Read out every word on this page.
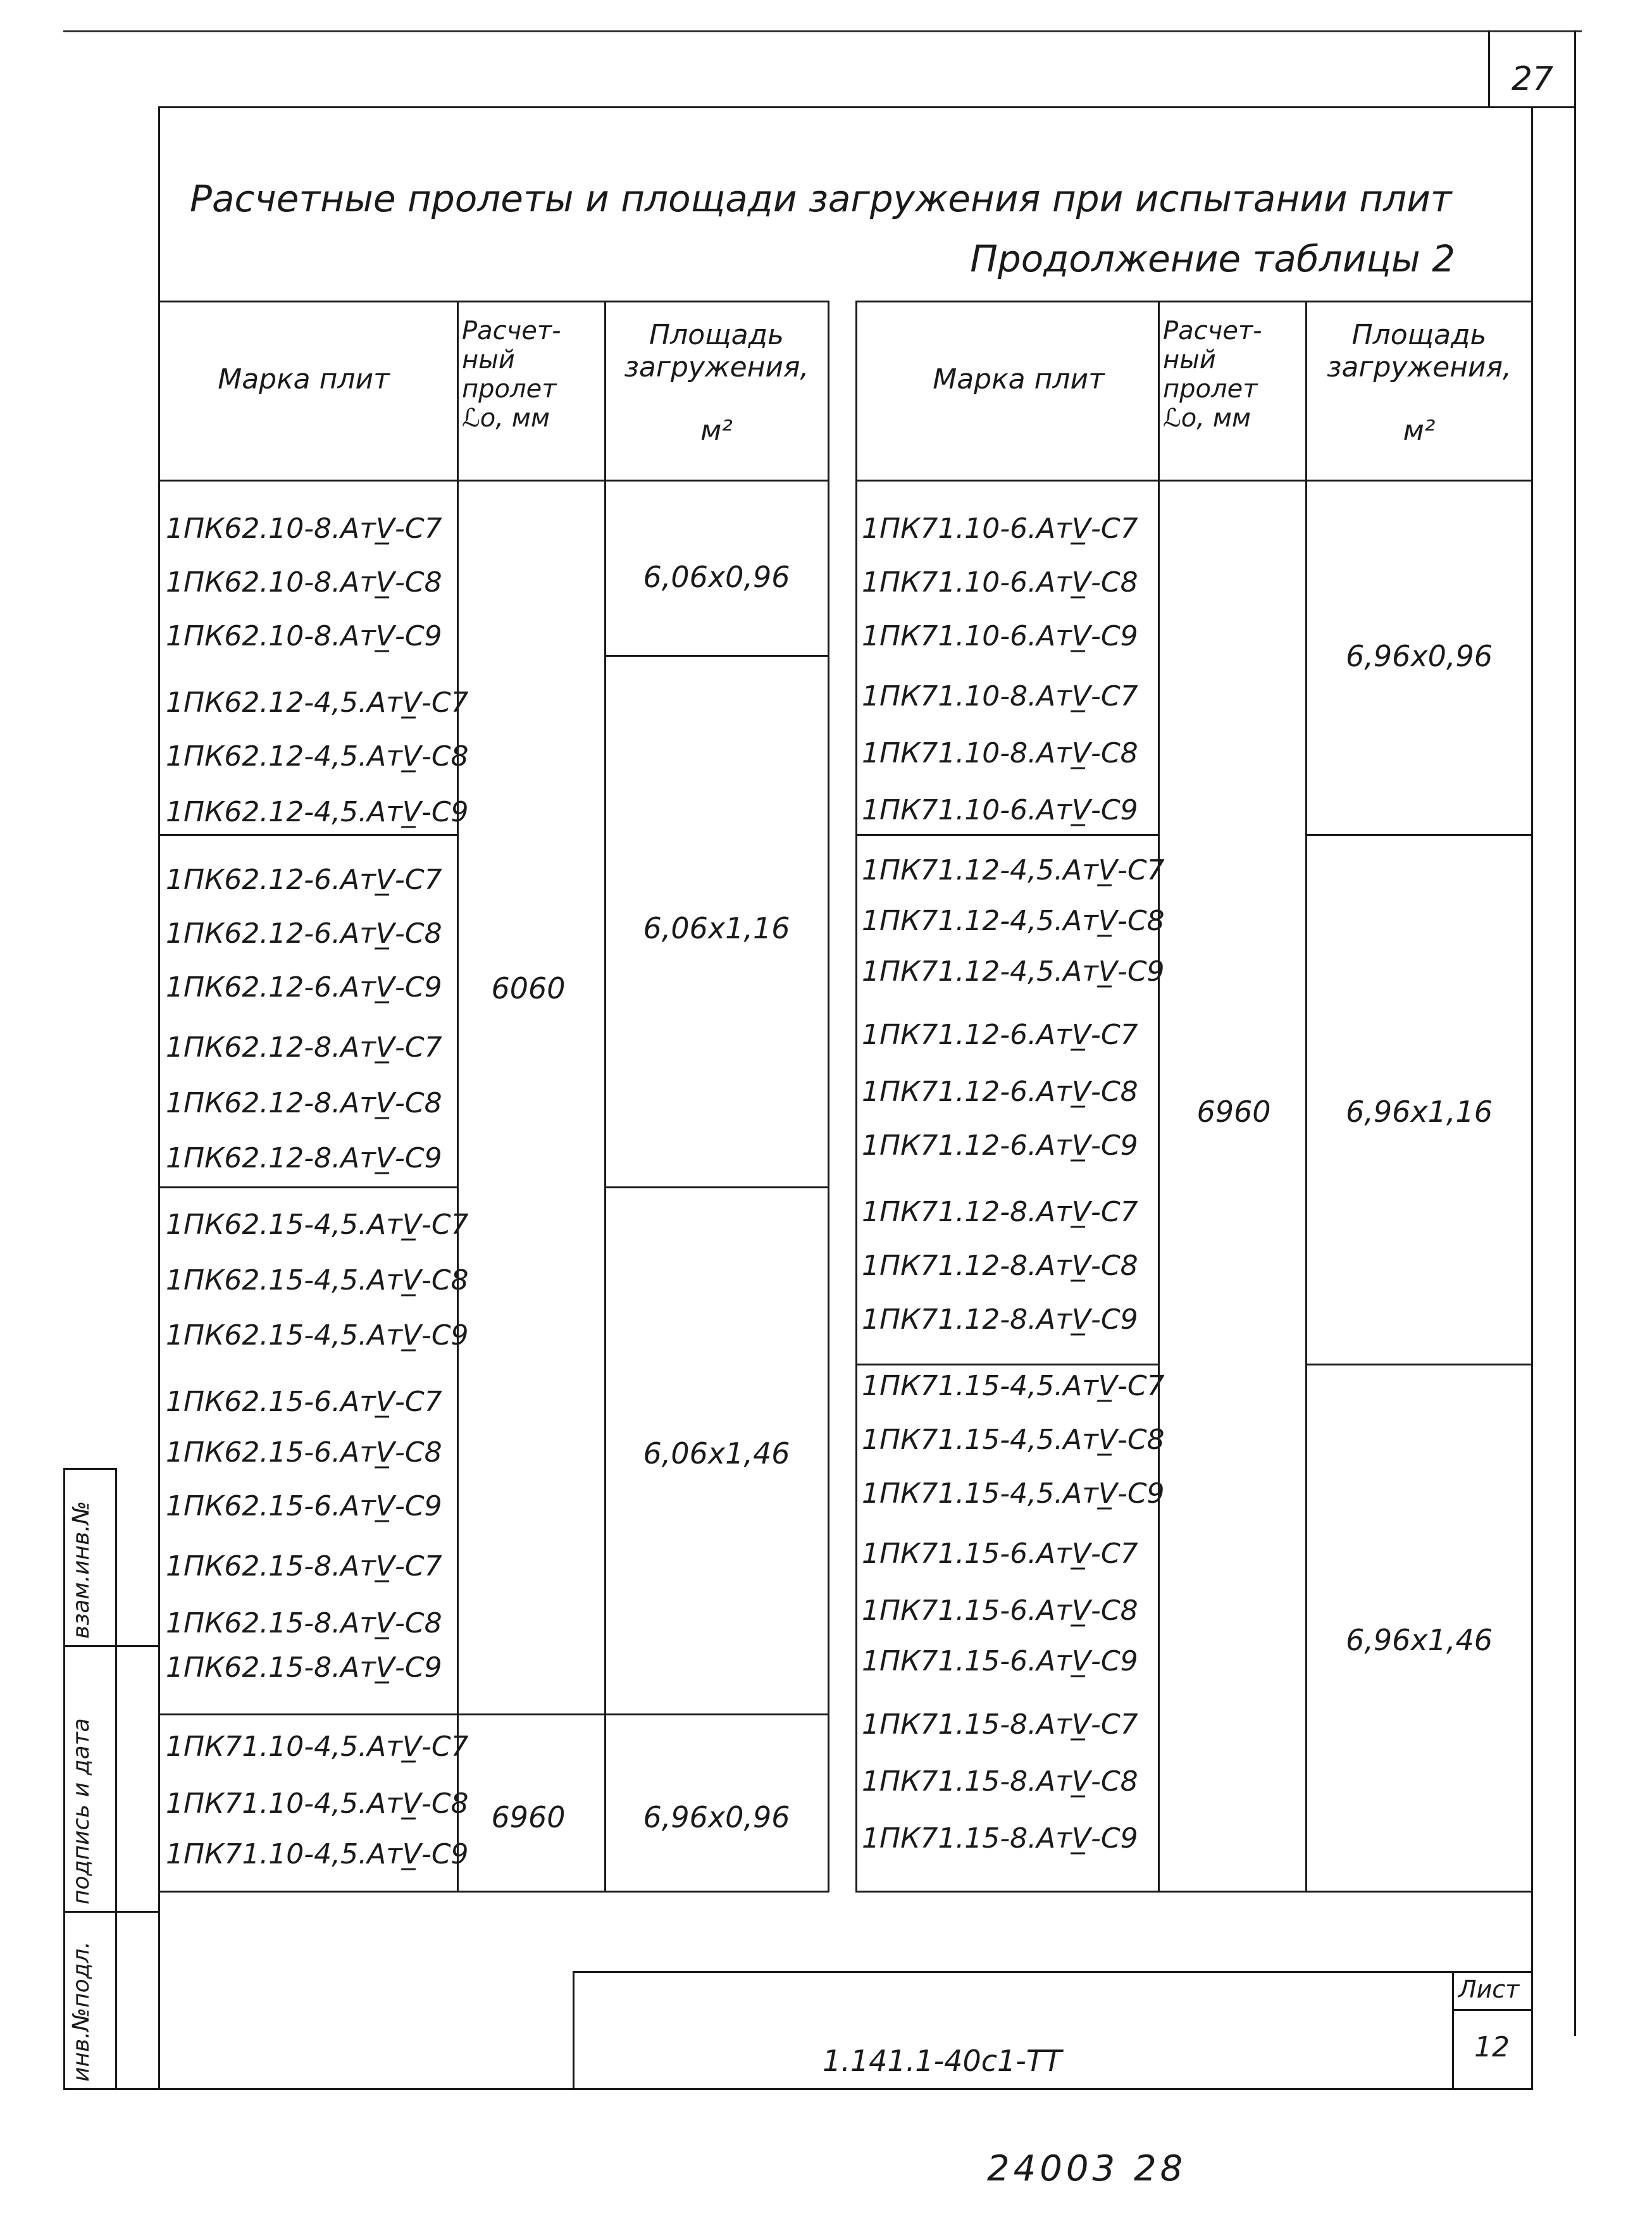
27
Расчетные пролеты и площади загружения при испытании плит
Продолжение таблицы 2
Марка плит
Расчет-
ный
пролет
ℒo, мм
Площадь
загружения,
м²
Марка плит
Расчет-
ный
пролет
ℒo, мм
Площадь
загружения,
м²
1ПК62.10-8.АтV̲-С7
1ПК62.10-8.АтV̲-С8
1ПК62.10-8.АтV̲-С9
1ПК62.12-4,5.АтV̲-С7
1ПК62.12-4,5.АтV̲-С8
1ПК62.12-4,5.АтV̲-С9
1ПК62.12-6.АтV̲-С7
1ПК62.12-6.АтV̲-С8
1ПК62.12-6.АтV̲-С9
1ПК62.12-8.АтV̲-С7
1ПК62.12-8.АтV̲-С8
1ПК62.12-8.АтV̲-С9
1ПК62.15-4,5.АтV̲-С7
1ПК62.15-4,5.АтV̲-С8
1ПК62.15-4,5.АтV̲-С9
1ПК62.15-6.АтV̲-С7
1ПК62.15-6.АтV̲-С8
1ПК62.15-6.АтV̲-С9
1ПК62.15-8.АтV̲-С7
1ПК62.15-8.АтV̲-С8
1ПК62.15-8.АтV̲-С9
1ПК71.10-4,5.АтV̲-С7
1ПК71.10-4,5.АтV̲-С8
1ПК71.10-4,5.АтV̲-С9
1ПК71.10-6.АтV̲-С7
1ПК71.10-6.АтV̲-С8
1ПК71.10-6.АтV̲-С9
1ПК71.10-8.АтV̲-С7
1ПК71.10-8.АтV̲-С8
1ПК71.10-6.АтV̲-С9
1ПК71.12-4,5.АтV̲-С7
1ПК71.12-4,5.АтV̲-С8
1ПК71.12-4,5.АтV̲-С9
1ПК71.12-6.АтV̲-С7
1ПК71.12-6.АтV̲-С8
1ПК71.12-6.АтV̲-С9
1ПК71.12-8.АтV̲-С7
1ПК71.12-8.АтV̲-С8
1ПК71.12-8.АтV̲-С9
1ПК71.15-4,5.АтV̲-С7
1ПК71.15-4,5.АтV̲-С8
1ПК71.15-4,5.АтV̲-С9
1ПК71.15-6.АтV̲-С7
1ПК71.15-6.АтV̲-С8
1ПК71.15-6.АтV̲-С9
1ПК71.15-8.АтV̲-С7
1ПК71.15-8.АтV̲-С8
1ПК71.15-8.АтV̲-С9
6060
6960
6,06х0,96
6,06х1,16
6,06х1,46
6,96х0,96
6960
6,96х0,96
6,96х1,16
6,96х1,46
инв.№подл.
подпись и дата
взам.инв.№
1.141.1-40с1-ТТ
Лист
12
24003 28
